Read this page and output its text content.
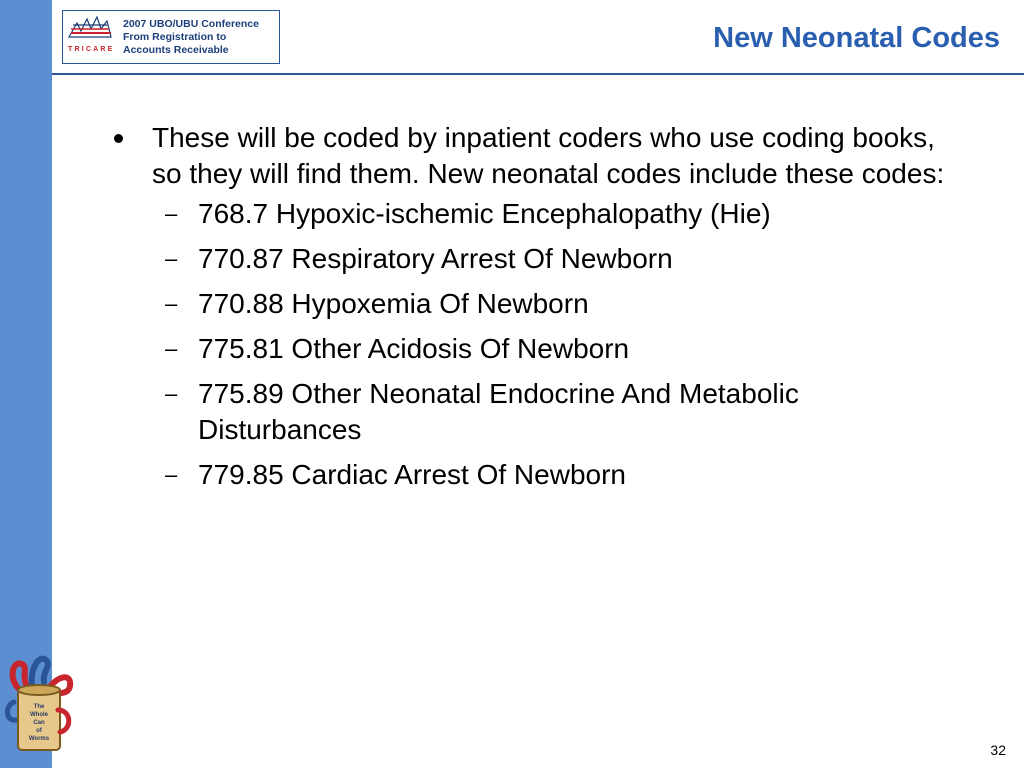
TRICARE
2007 UBO/UBU Conference
From Registration to
Accounts Receivable	New Neonatal Codes
These will be coded by inpatient coders who use coding books, so they will find them. New neonatal codes include these codes:
– 768.7 Hypoxic-ischemic Encephalopathy (Hie)
– 770.87 Respiratory Arrest Of Newborn
– 770.88 Hypoxemia Of Newborn
– 775.81 Other Acidosis Of Newborn
– 775.89 Other Neonatal Endocrine And Metabolic Disturbances
– 779.85 Cardiac Arrest Of Newborn
The
Whole
Can
of
Worms
32
